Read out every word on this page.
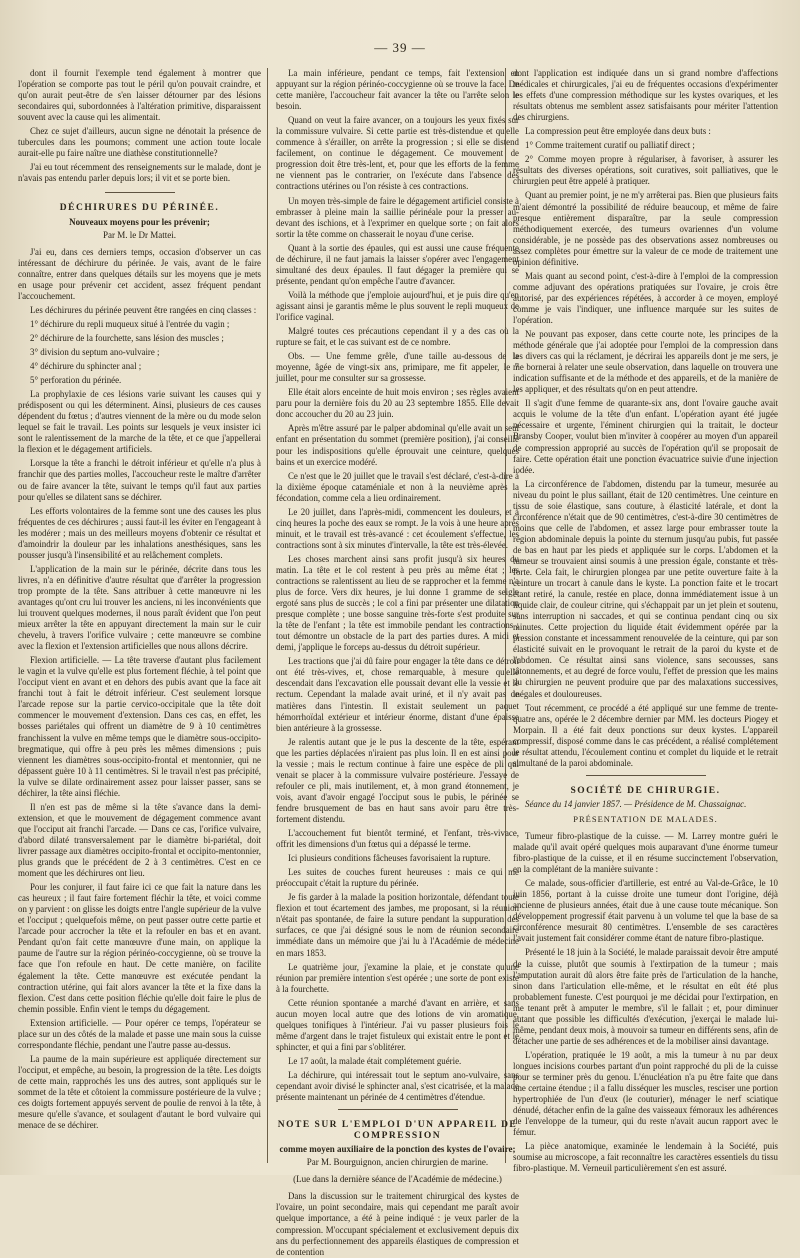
— 39 —

dont il fournit l'exemple tend également à montrer que l'opération se comporte pas tout le péril qu'on pouvait craindre, et qu'on aurait peut-être de s'en laisser détourner par des lésions secondaires qui, subordonnées à l'altération primitive, disparaissent souvent avec la cause qui les alimentait.

Chez ce sujet d'ailleurs, aucun signe ne dénotait la présence de tubercules dans les poumons; comment une action toute locale aurait-elle pu faire naître une diathèse constitutionnelle?

J'ai eu tout récemment des renseignements sur le malade, dont je n'avais pas entendu parler depuis lors; il vit et se porte bien.

DÉCHIRURES DU PÉRINÉE.
Nouveaux moyens pour les prévenir;
Par M. le Dr Mattei.

J'ai eu, dans ces derniers temps, occasion d'observer un cas intéressant de déchirure du périnée. Je vais, avant de le faire connaître, entrer dans quelques détails sur les moyens que je mets en usage pour prévenir cet accident, assez fréquent pendant l'accouchement.

Les déchirures du périnée peuvent être rangées en cinq classes :

1° déchirure du repli muqueux situé à l'entrée du vagin ;

2° déchirure de la fourchette, sans lésion des muscles ;

3° division du septum ano-vulvaire ;

4° déchirure du sphincter anal ;

5° perforation du périnée.

La prophylaxie de ces lésions varie suivant les causes qui y prédisposent ou qui les déterminent. Ainsi, plusieurs de ces causes dépendent du fœtus ; d'autres viennent de la mère ou du mode selon lequel se fait le travail. Les points sur lesquels je veux insister ici sont le ralentissement de la marche de la tête, et ce que j'appellerai la flexion et le dégagement artificiels.

Lorsque la tête a franchi le détroit inférieur et qu'elle n'a plus à franchir que des parties molles, l'accoucheur reste le maître d'arrêter ou de faire avancer la tête, suivant le temps qu'il faut aux parties pour qu'elles se dilatent sans se déchirer.

Les efforts volontaires de la femme sont une des causes les plus fréquentes de ces déchirures ; aussi faut-il les éviter en l'engageant à les modérer ; mais un des meilleurs moyens d'obtenir ce résultat et d'amoindrir la douleur par les inhalations anesthésiques, sans les pousser jusqu'à l'insensibilité et au relâchement complets.

L'application de la main sur le périnée, décrite dans tous les livres, n'a en définitive d'autre résultat que d'arrêter la progression trop prompte de la tête. Sans attribuer à cette manœuvre ni les avantages qu'ont cru lui trouver les anciens, ni les inconvénients que lui trouvent quelques modernes, il nous paraît évident que l'on peut mieux arrêter la tête en appuyant directement la main sur le cuir chevelu, à travers l'orifice vulvaire ; cette manœuvre se combine avec la flexion et l'extension artificielles que nous allons décrire.

Flexion artificielle. — La tête traverse d'autant plus facilement le vagin et la vulve qu'elle est plus fortement fléchie, à tel point que l'occiput vient en avant et en dehors des pubis avant que la face ait franchi tout à fait le détroit inférieur. C'est seulement lorsque l'arcade repose sur la partie cervico-occipitale que la tête doit commencer le mouvement d'extension. Dans ces cas, en effet, les bosses pariétales qui offrent un diamètre de 9 à 10 centimètres franchissent la vulve en même temps que le diamètre sous-occipito-bregmatique, qui offre à peu près les mêmes dimensions ; puis viennent les diamètres sous-occipito-frontal et mentonnier, qui ne dépassent guère 10 à 11 centimètres. Si le travail n'est pas précipité, la vulve se dilate ordinairement assez pour laisser passer, sans se déchirer, la tête ainsi fléchie.

Il n'en est pas de même si la tête s'avance dans la demi-extension, et que le mouvement de dégagement commence avant que l'occiput ait franchi l'arcade. — Dans ce cas, l'orifice vulvaire, d'abord dilaté transversalement par le diamètre bi-pariétal, doit livrer passage aux diamètres occipito-frontal et occipito-mentonnier, plus grands que le précédent de 2 à 3 centimètres. C'est en ce moment que les déchirures ont lieu.

Pour les conjurer, il faut faire ici ce que fait la nature dans les cas heureux ; il faut faire fortement fléchir la tête, et voici comme on y parvient : on glisse les doigts entre l'angle supérieur de la vulve et l'occiput ; quelquefois même, on peut passer outre cette partie et l'arcade pour accrocher la tête et la refouler en bas et en avant. Pendant qu'on fait cette manœuvre d'une main, on applique la paume de l'autre sur la région périnéo-coccygienne, où se trouve la face que l'on refoule en haut. De cette manière, on facilite également la tête. Cette manœuvre est exécutée pendant la contraction utérine, qui fait alors avancer la tête et la fixe dans la flexion. C'est dans cette position fléchie qu'elle doit faire le plus de chemin possible. Enfin vient le temps du dégagement.

Extension artificielle. — Pour opérer ce temps, l'opérateur se place sur un des côtés de la malade et passe une main sous la cuisse correspondante fléchie, pendant une l'autre passe au-dessus.

La paume de la main supérieure est appliquée directement sur l'occiput, et empêche, au besoin, la progression de la tête. Les doigts de cette main, rapprochés les uns des autres, sont appliqués sur le sommet de la tête et côtoient la commissure postérieure de la vulve ; ces doigts fortement appuyés servent de poulie de renvoi à la tête, à mesure qu'elle s'avance, et soulagent d'autant le bord vulvaire qui menace de se déchirer.

La main inférieure, pendant ce temps, fait l'extension en appuyant sur la région périnéo-coccygienne où se trouve la face. De cette manière, l'accoucheur fait avancer la tête ou l'arrête selon le besoin.

Quand on veut la faire avancer, on a toujours les yeux fixés sur la commissure vulvaire. Si cette partie est très-distendue et qu'elle commence à s'érailler, on arrête la progression ; si elle se distend facilement, on continue le dégagement. Ce mouvement de progression doit être très-lent, et, pour que les efforts de la femme ne viennent pas le contrarier, on l'exécute dans l'absence des contractions utérines ou l'on résiste à ces contractions.

Un moyen très-simple de faire le dégagement artificiel consiste à embrasser à pleine main la saillie périnéale pour la presser au-devant des ischions, et à l'exprimer en quelque sorte ; on fait alors sortir la tête comme on chasserait le noyau d'une cerise.

Quant à la sortie des épaules, qui est aussi une cause fréquente de déchirure, il ne faut jamais la laisser s'opérer avec l'engagement simultané des deux épaules. Il faut dégager la première qui se présente, pendant qu'on empêche l'autre d'avancer.

Voilà la méthode que j'emploie aujourd'hui, et je puis dire qu'en agissant ainsi je garantis même le plus souvent le repli muqueux de l'orifice vaginal.

Malgré toutes ces précautions cependant il y a des cas où la rupture se fait, et le cas suivant est de ce nombre.

Obs. — Une femme grêle, d'une taille au-dessous de la moyenne, âgée de vingt-six ans, primipare, me fit appeler, le 7 juillet, pour me consulter sur sa grossesse.

Elle était alors enceinte de huit mois environ ; ses règles avaient paru pour la dernière fois du 20 au 23 septembre 1855. Elle devait donc accoucher du 20 au 23 juin.

Après m'être assuré par le palper abdominal qu'elle avait un seul enfant en présentation du sommet (première position), j'ai conseillé pour les indispositions qu'elle éprouvait une ceinture, quelques bains et un exercice modéré.

Ce n'est que le 20 juillet que le travail s'est déclaré, c'est-à-dire à la dixième époque cataméniale et non à la neuvième après la fécondation, comme cela a lieu ordinairement.

Le 20 juillet, dans l'après-midi, commencent les douleurs, et à cinq heures la poche des eaux se rompt. Je la vois à une heure après minuit, et le travail est très-avancé : cet écoulement s'effectue, les contractions sont à six minutes d'intervalle, la tête est très-élevée.

Les choses marchent ainsi sans profit jusqu'à six heures du matin. La tête et le col restent à peu près au même état ; les contractions se ralentissent au lieu de se rapprocher et la femme n'a plus de force. Vers dix heures, je lui donne 1 gramme de seigle ergoté sans plus de succès ; le col a fini par présenter une dilatation presque complète ; une bosse sanguine très-forte s'est produite sur la tête de l'enfant ; la tête est immobile pendant les contractions ; tout démontre un obstacle de la part des parties dures. A midi et demi, j'applique le forceps au-dessus du détroit supérieur.

Les tractions que j'ai dû faire pour engager la tête dans ce détroit ont été très-vives, et, chose remarquable, à mesure qu'elle descendait dans l'excavation elle poussait devant elle la vessie et le rectum. Cependant la malade avait uriné, et il n'y avait pas de matières dans l'intestin. Il existait seulement un paquet hémorrhoïdal extérieur et intérieur énorme, distant d'une épaisse bien antérieure à la grossesse.

Je ralentis autant que je le pus la descente de la tête, espérant que les parties déplacées n'iraient pas plus loin. Il en est ainsi pour la vessie ; mais le rectum continue à faire une espèce de pli qui venait se placer à la commissure vulvaire postérieure. J'essaye de refouler ce pli, mais inutilement, et, à mon grand étonnement, je vois, avant d'avoir engagé l'occiput sous le pubis, le périnée se fendre brusquement de bas en haut sans avoir paru être très-fortement distendu.

L'accouchement fut bientôt terminé, et l'enfant, très-vivace, offrit les dimensions d'un fœtus qui a dépassé le terme.

Ici plusieurs conditions fâcheuses favorisaient la rupture.

Les suites de couches furent heureuses : mais ce qui me préoccupait c'était la rupture du périnée.

Je fis garder à la malade la position horizontale, défendant toute flexion et tout écartement des jambes, me proposant, si la réunion n'était pas spontanée, de faire la suture pendant la suppuration des surfaces, ce que j'ai désigné sous le nom de réunion secondaire immédiate dans un mémoire que j'ai lu à l'Académie de médecine en mars 1853.

Le quatrième jour, j'examine la plaie, et je constate qu'une réunion par première intention s'est opérée ; une sorte de pont existe à la fourchette.

Cette réunion spontanée a marché d'avant en arrière, et sans aucun moyen local autre que des lotions de vin aromatique, quelques tonifiques à l'intérieur. J'ai vu passer plusieurs fois le même d'argent dans le trajet fistuleux qui existait entre le pont et le sphincter, et qui a fini par s'oblitérer.

Le 17 août, la malade était complétement guérie.

La déchirure, qui intéressait tout le septum ano-vulvaire, sans cependant avoir divisé le sphincter anal, s'est cicatrisée, et la malade présente maintenant un périnée de 4 centimètres d'étendue.

NOTE SUR L'EMPLOI D'UN APPAREIL DE COMPRESSION
comme moyen auxiliaire de la ponction des kystes de l'ovaire;
Par M. Bourguignon, ancien chirurgien de marine.
(Lue dans la dernière séance de l'Académie de médecine.)

Dans la discussion sur le traitement chirurgical des kystes de l'ovaire, un point secondaire, mais qui cependant me paraît avoir quelque importance, a été à peine indiqué : je veux parler de la compression. M'occupant spécialement et exclusivement depuis dix ans du perfectionnement des appareils élastiques de compression et de contention

dont l'application est indiquée dans un si grand nombre d'affections médicales et chirurgicales, j'ai eu de fréquentes occasions d'expérimenter les effets d'une compression méthodique sur les kystes ovariques, et les résultats obtenus me semblent assez satisfaisants pour mériter l'attention des chirurgiens.

La compression peut être employée dans deux buts :

1° Comme traitement curatif ou palliatif direct ;

2° Comme moyen propre à régulariser, à favoriser, à assurer les résultats des diverses opérations, soit curatives, soit palliatives, que le chirurgien peut être appelé à pratiquer.

Quant au premier point, je ne m'y arrêterai pas. Bien que plusieurs faits m'aient démontré la possibilité de réduire beaucoup, et même de faire presque entièrement disparaître, par la seule compression méthodiquement exercée, des tumeurs ovariennes d'un volume considérable, je ne possède pas des observations assez nombreuses ou assez complètes pour émettre sur la valeur de ce mode de traitement une opinion définitive.

Mais quant au second point, c'est-à-dire à l'emploi de la compression comme adjuvant des opérations pratiquées sur l'ovaire, je crois être autorisé, par des expériences répétées, à accorder à ce moyen, employé comme je vais l'indiquer, une influence marquée sur les suites de l'opération.

Ne pouvant pas exposer, dans cette courte note, les principes de la méthode générale que j'ai adoptée pour l'emploi de la compression dans les divers cas qui la réclament, je décrirai les appareils dont je me sers, je me bornerai à relater une seule observation, dans laquelle on trouvera une indication suffisante et de la méthode et des appareils, et de la manière de les appliquer, et des résultats qu'on en peut attendre.

Il s'agit d'une femme de quarante-six ans, dont l'ovaire gauche avait acquis le volume de la tête d'un enfant. L'opération ayant été jugée nécessaire et urgente, l'éminent chirurgien qui la traitait, le docteur Bransby Cooper, voulut bien m'inviter à coopérer au moyen d'un appareil de compression approprié au succès de l'opération qu'il se proposait de faire. Cette opération était une ponction évacuatrice suivie d'une injection iodée.

La circonférence de l'abdomen, distendu par la tumeur, mesurée au niveau du point le plus saillant, était de 120 centimètres. Une ceinture en tissu de soie élastique, sans couture, à élasticité latérale, et dont la circonférence n'était que de 90 centimètres, c'est-à-dire 30 centimètres de moins que celle de l'abdomen, et assez large pour embrasser toute la région abdominale depuis la pointe du sternum jusqu'au pubis, fut passée de bas en haut par les pieds et appliquée sur le corps. L'abdomen et la tumeur se trouvaient ainsi soumis à une pression égale, constante et très-forte. Cela fait, le chirurgien plongea par une petite ouverture faite à la ceinture un trocart à canule dans le kyste. La ponction faite et le trocart étant retiré, la canule, restée en place, donna immédiatement issue à un liquide clair, de couleur citrine, qui s'échappait par un jet plein et soutenu, sans interruption ni saccades, et qui se continua pendant cinq ou six minutes. Cette projection du liquide était évidemment opérée par la pression constante et incessamment renouvelée de la ceinture, qui par son élasticité suivait en le provoquant le retrait de la paroi du kyste et de l'abdomen. Ce résultat ainsi sans violence, sans secousses, sans tâtonnements, et au degré de force voulu, l'effet de pression que les mains du chirurgien ne peuvent produire que par des malaxations successives, inégales et douloureuses.

Tout récemment, ce procédé a été appliqué sur une femme de trente-quatre ans, opérée le 2 décembre dernier par MM. les docteurs Piogey et Morpain. Il a été fait deux ponctions sur deux kystes. L'appareil compressif, disposé comme dans le cas précédent, a réalisé complétement le résultat attendu, l'écoulement continu et complet du liquide et le retrait simultané de la paroi abdominale.

SOCIÉTÉ DE CHIRURGIE.

Séance du 14 janvier 1857. — Présidence de M. Chassaignac.

PRÉSENTATION DE MALADES.

Tumeur fibro-plastique de la cuisse. — M. Larrey montre guéri le malade qu'il avait opéré quelques mois auparavant d'une énorme tumeur fibro-plastique de la cuisse, et il en résume succinctement l'observation, en la complétant de la manière suivante :

Ce malade, sous-officier d'artillerie, est entré au Val-de-Grâce, le 10 juin 1856, portant à la cuisse droite une tumeur dont l'origine, déjà ancienne de plusieurs années, était due à une cause toute mécanique. Son développement progressif était parvenu à un volume tel que la base de sa circonférence mesurait 80 centimètres. L'ensemble de ses caractères l'avait justement fait considérer comme étant de nature fibro-plastique.

Présenté le 18 juin à la Société, le malade paraissait devoir être amputé de la cuisse, plutôt que soumis à l'extirpation de la tumeur ; mais l'amputation aurait dû alors être faite près de l'articulation de la hanche, sinon dans l'articulation elle-même, et le résultat en eût été plus probablement funeste. C'est pourquoi je me décidai pour l'extirpation, en me tenant prêt à amputer le membre, s'il le fallait ; et, pour diminuer autant que possible les difficultés d'exécution, j'exerçai le malade lui-même, pendant deux mois, à mouvoir sa tumeur en différents sens, afin de détacher une partie de ses adhérences et de la mobiliser ainsi davantage.

L'opération, pratiquée le 19 août, a mis la tumeur à nu par deux longues incisions courbes partant d'un point rapproché du pli de la cuisse pour se terminer près du genou. L'énucléation n'a pu être faite que dans une certaine étendue ; il a fallu disséquer les muscles, resciser une portion hypertrophiée de l'un d'eux (le couturier), ménager le nerf sciatique dénudé, détacher enfin de la gaîne des vaisseaux fémoraux les adhérences de l'enveloppe de la tumeur, qui du reste n'avait aucun rapport avec le fémur.

La pièce anatomique, examinée le lendemain à la Société, puis soumise au microscope, a fait reconnaître les caractères essentiels du tissu fibro-plastique. M. Verneuil particulièrement s'en est assuré.
